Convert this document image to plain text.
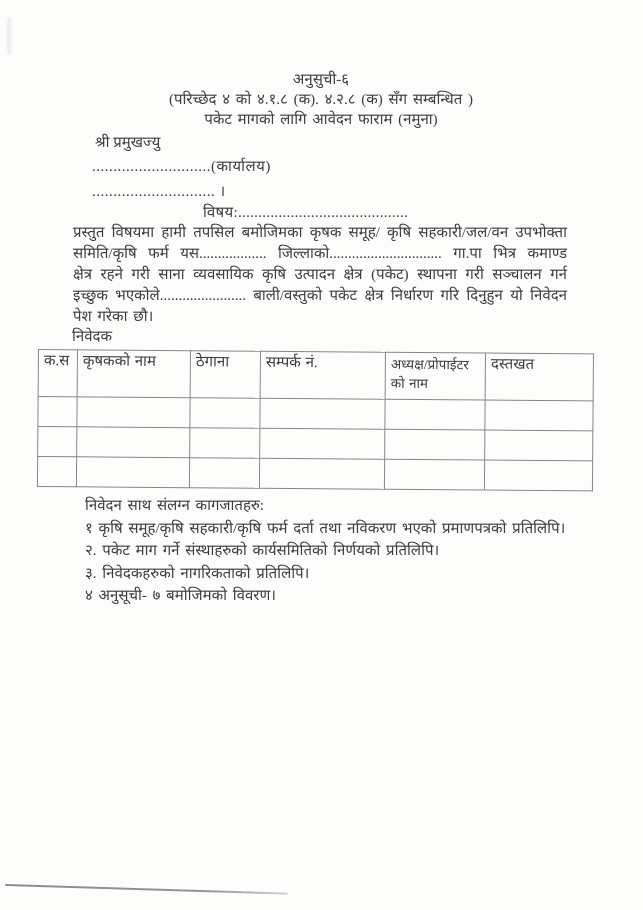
अनुसुची-६
(परिच्छेद ४ को ४.१.८ (क). ४.२.८ (क) सँग सम्बन्धित )
पकेट मागको लागि आवेदन फाराम (नमुना)
श्री प्रमुखज्यु
............................(कार्यालय)
............................. ।
विषय:..........................................
प्रस्तुत विषयमा हामी तपसिल बमोजिमका कृषक समूह/ कृषि सहकारी/जल/वन उपभोक्ता
समिति/कृषि फर्म यस.................. जिल्लाको.............................. गा.पा भित्र कमाण्ड
क्षेत्र रहने गरी साना व्यवसायिक कृषि उत्पादन क्षेत्र (पकेट) स्थापना गरी सञ्चालन गर्न
इच्छुक भएकोले....................... बाली/वस्तुको पकेट क्षेत्र निर्धारण गरि दिनुहुन यो निवेदन
पेश गरेका छौ।
निवेदक
क.स	कृषकको नाम	ठेगाना	सम्पर्क नं.	अध्यक्ष/प्रोपाईटर को नाम	दस्तखत

निवेदन साथ संलग्न कागजातहरु:
१ कृषि समूह/कृषि सहकारी/कृषि फर्म दर्ता तथा नविकरण भएको प्रमाणपत्रको प्रतिलिपि।
२. पकेट माग गर्ने संस्थाहरुको कार्यसमितिको निर्णयको प्रतिलिपि।
३. निवेदकहरुको नागरिकताको प्रतिलिपि।
४ अनुसूची- ७ बमोजिमको विवरण।
